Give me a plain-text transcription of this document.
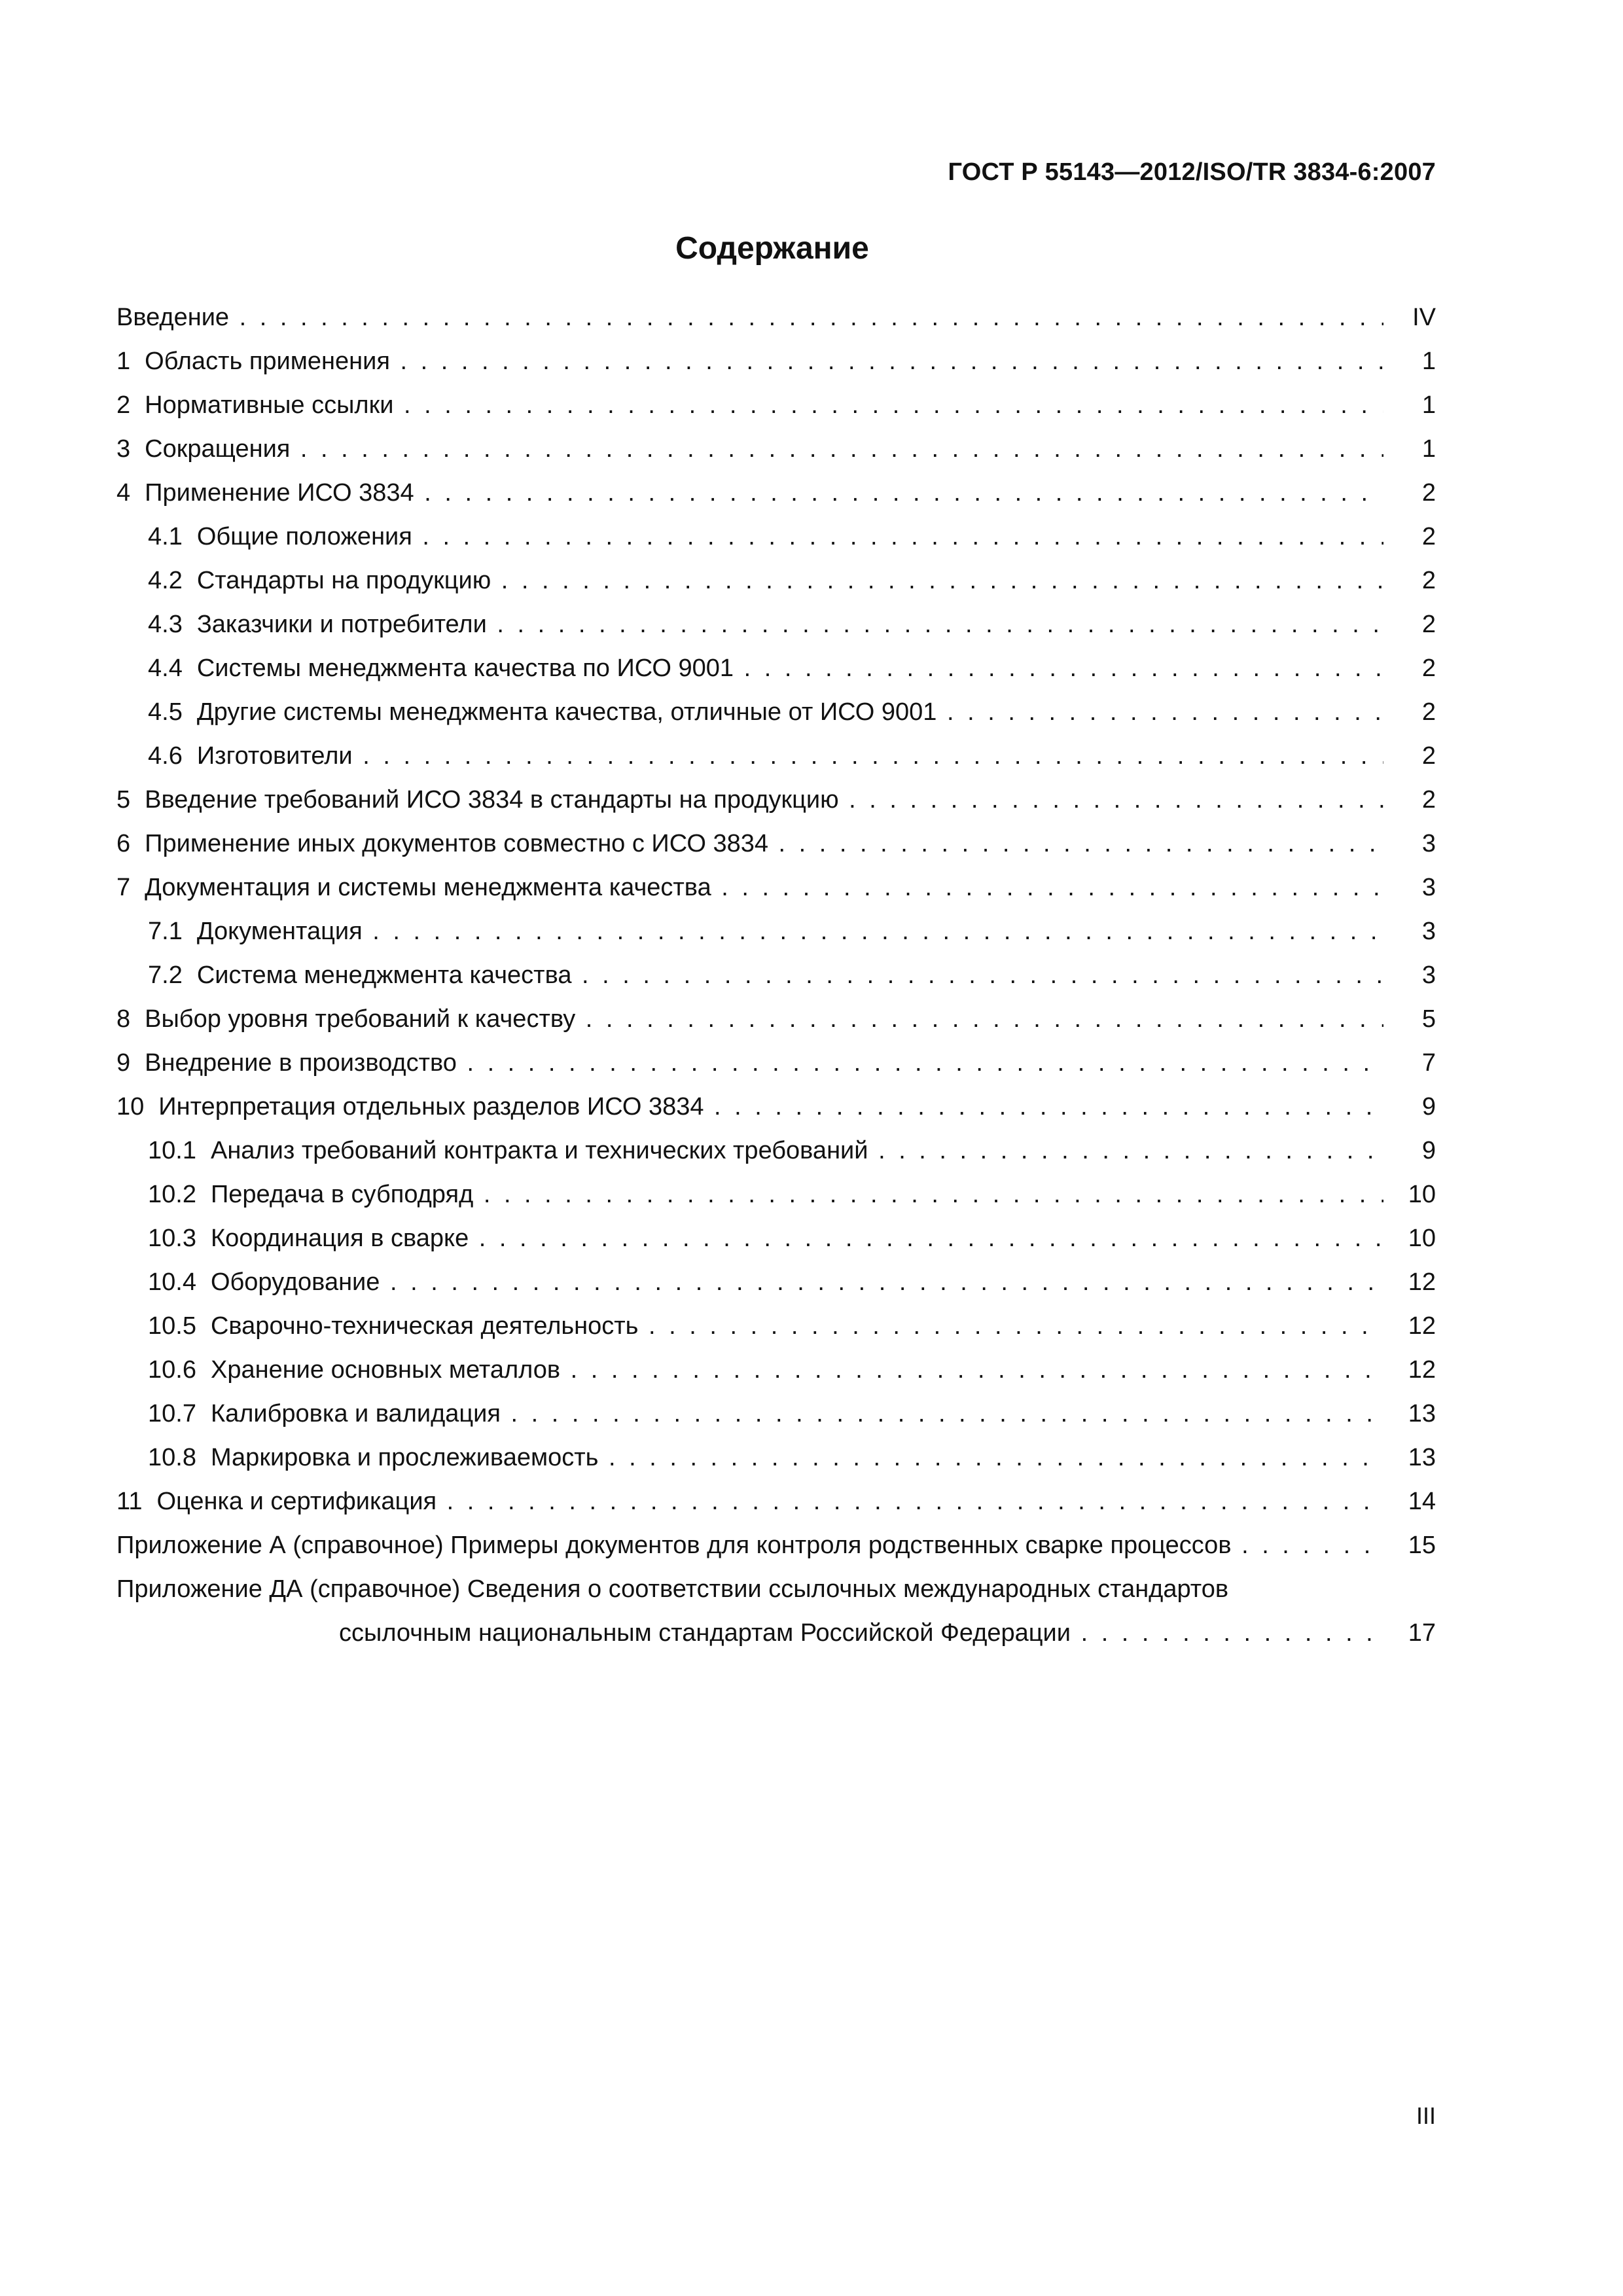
ГОСТ Р 55143—2012/ISO/TR 3834-6:2007
Содержание
Введение . . .	IV
1 Область применения . . .	1
2 Нормативные ссылки . . .	1
3 Сокращения . . .	1
4 Применение ИСО 3834 . . .	2
4.1 Общие положения . . .	2
4.2 Стандарты на продукцию . . .	2
4.3 Заказчики и потребители . . .	2
4.4 Системы менеджмента качества по ИСО 9001 . . .	2
4.5 Другие системы менеджмента качества, отличные от ИСО 9001 . . .	2
4.6 Изготовители . . .	2
5 Введение требований ИСО 3834 в стандарты на продукцию . . .	2
6 Применение иных документов совместно с ИСО 3834 . . .	3
7 Документация и системы менеджмента качества . . .	3
7.1 Документация . . .	3
7.2 Система менеджмента качества . . .	3
8 Выбор уровня требований к качеству . . .	5
9 Внедрение в производство . . .	7
10 Интерпретация отдельных разделов ИСО 3834 . . .	9
10.1 Анализ требований контракта и технических требований . . .	9
10.2 Передача в субподряд . . .	10
10.3 Координация в сварке . . .	10
10.4 Оборудование . . .	12
10.5 Сварочно-техническая деятельность . . .	12
10.6 Хранение основных металлов . . .	12
10.7 Калибровка и валидация . . .	13
10.8 Маркировка и прослеживаемость . . .	13
11 Оценка и сертификация . . .	14
Приложение А (справочное) Примеры документов для контроля родственных сварке процессов . . .	15
Приложение ДА (справочное) Сведения о соответствии ссылочных международных стандартов
ссылочным национальным стандартам Российской Федерации . . .	17
III
